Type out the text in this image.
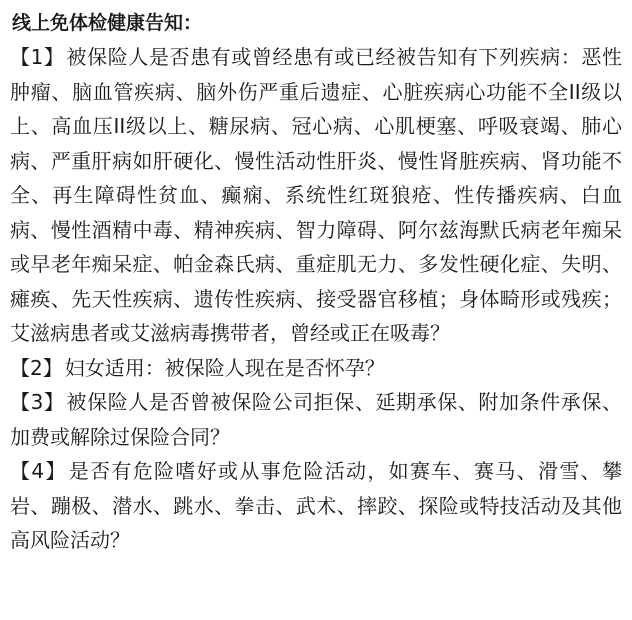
线上免体检健康告知：

【1】 被保险人是否患有或曾经患有或已经被告知有下列疾病：恶性肿瘤、脑血管疾病、脑外伤严重后遗症、心脏疾病心功能不全II级以上、高血压II级以上、糖尿病、冠心病、心肌梗塞、呼吸衰竭、肺心病、严重肝病如肝硬化、慢性活动性肝炎、慢性肾脏疾病、肾功能不全、再生障碍性贫血、癫痫、系统性红斑狼疮、性传播疾病、白血病、慢性酒精中毒、精神疾病、智力障碍、阿尔兹海默氏病老年痴呆或早老年痴呆症、帕金森氏病、重症肌无力、多发性硬化症、失明、瘫痪、先天性疾病、遗传性疾病、接受器官移植；身体畸形或残疾；艾滋病患者或艾滋病毒携带者，曾经或正在吸毒？

【2】 妇女适用：被保险人现在是否怀孕？

【3】 被保险人是否曾被保险公司拒保、延期承保、附加条件承保、加费或解除过保险合同？

【4】 是否有危险嗜好或从事危险活动，如赛车、赛马、滑雪、攀岩、蹦极、潜水、跳水、拳击、武术、摔跤、探险或特技活动及其他高风险活动？
